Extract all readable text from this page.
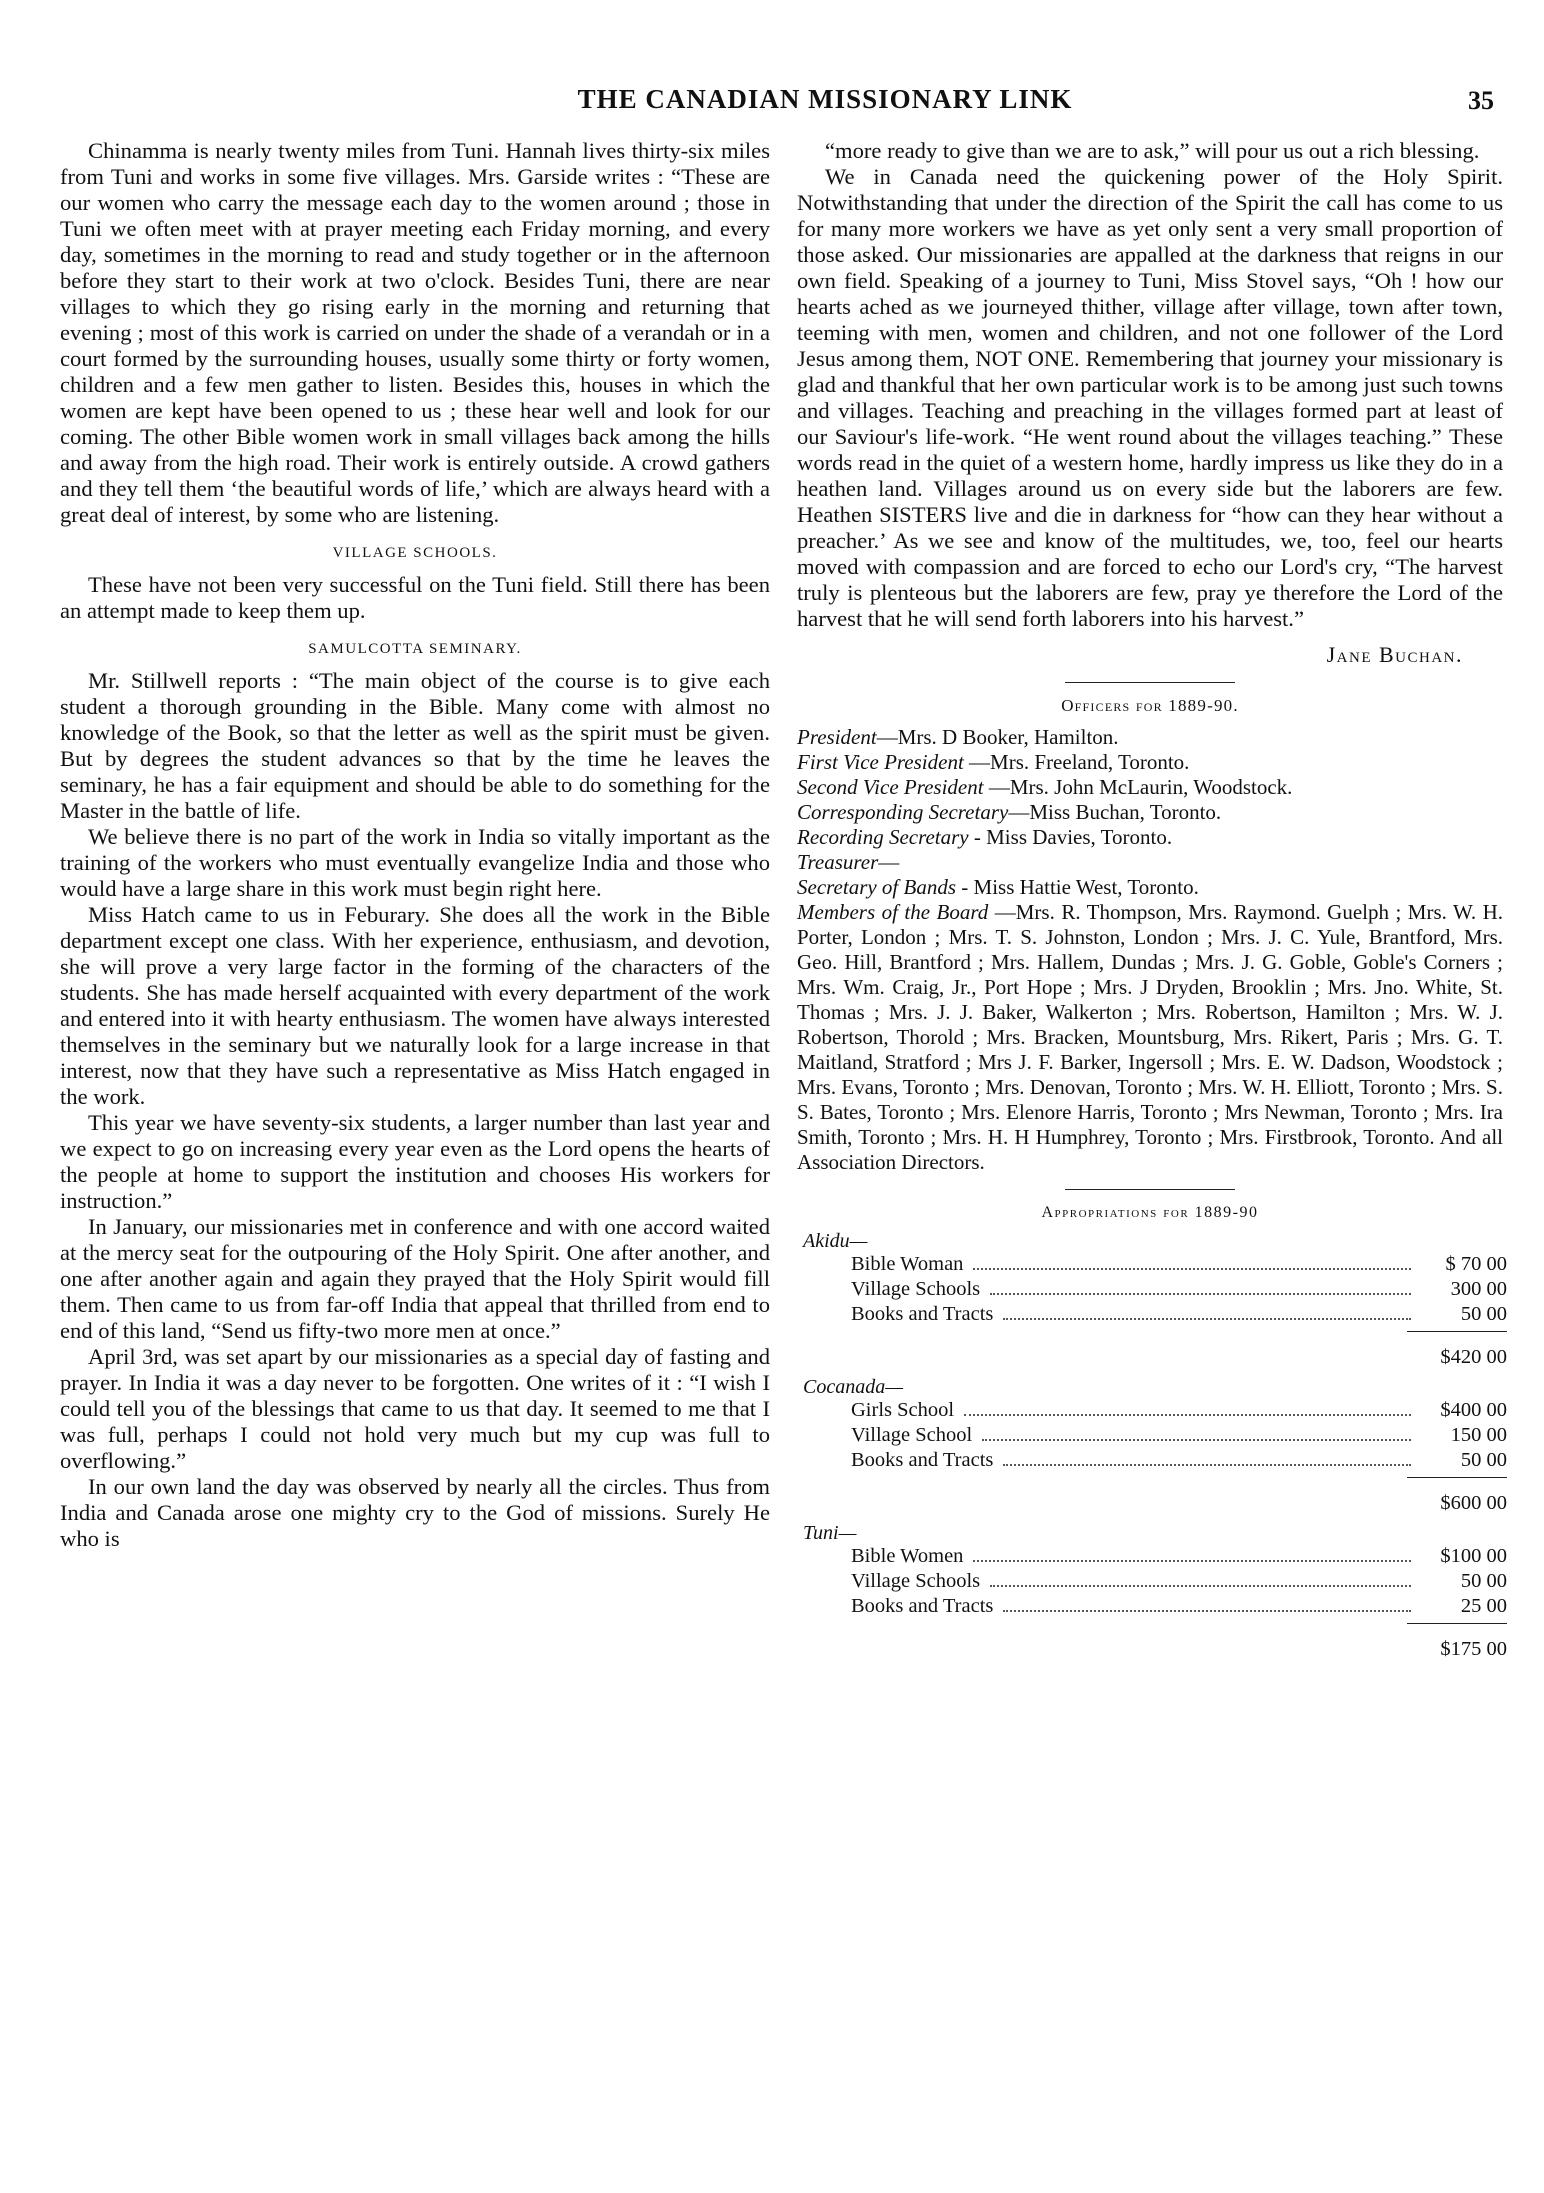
THE CANADIAN MISSIONARY LINK	35

Chinamma is nearly twenty miles from Tuni. Hannah lives thirty-six miles from Tuni and works in some five villages. Mrs. Garside writes : “These are our women who carry the message each day to the women around ; those in Tuni we often meet with at prayer meeting each Friday morning, and every day, sometimes in the morning to read and study together or in the afternoon before they start to their work at two o'clock. Besides Tuni, there are near villages to which they go rising early in the morning and returning that evening ; most of this work is carried on under the shade of a verandah or in a court formed by the surrounding houses, usually some thirty or forty women, children and a few men gather to listen. Besides this, houses in which the women are kept have been opened to us ; these hear well and look for our coming. The other Bible women work in small villages back among the hills and away from the high road. Their work is entirely outside. A crowd gathers and they tell them ‘the beautiful words of life,’ which are always heard with a great deal of interest, by some who are listening.

VILLAGE SCHOOLS.

These have not been very successful on the Tuni field. Still there has been an attempt made to keep them up.

SAMULCOTTA SEMINARY.

Mr. Stillwell reports : “The main object of the course is to give each student a thorough grounding in the Bible. Many come with almost no knowledge of the Book, so that the letter as well as the spirit must be given. But by degrees the student advances so that by the time he leaves the seminary, he has a fair equipment and should be able to do something for the Master in the battle of life.

We believe there is no part of the work in India so vitally important as the training of the workers who must eventually evangelize India and those who would have a large share in this work must begin right here.

Miss Hatch came to us in Feburary. She does all the work in the Bible department except one class. With her experience, enthusiasm, and devotion, she will prove a very large factor in the forming of the characters of the students. She has made herself acquainted with every department of the work and entered into it with hearty enthusiasm. The women have always interested themselves in the seminary but we naturally look for a large increase in that interest, now that they have such a representative as Miss Hatch engaged in the work.

This year we have seventy-six students, a larger number than last year and we expect to go on increasing every year even as the Lord opens the hearts of the people at home to support the institution and chooses His workers for instruction.”

In January, our missionaries met in conference and with one accord waited at the mercy seat for the outpouring of the Holy Spirit. One after another, and one after another again and again they prayed that the Holy Spirit would fill them. Then came to us from far-off India that appeal that thrilled from end to end of this land, “Send us fifty-two more men at once.”

April 3rd, was set apart by our missionaries as a special day of fasting and prayer. In India it was a day never to be forgotten. One writes of it : “I wish I could tell you of the blessings that came to us that day. It seemed to me that I was full, perhaps I could not hold very much but my cup was full to overflowing.”

In our own land the day was observed by nearly all the circles. Thus from India and Canada arose one mighty cry to the God of missions. Surely He who is

“more ready to give than we are to ask,” will pour us out a rich blessing.

We in Canada need the quickening power of the Holy Spirit. Notwithstanding that under the direction of the Spirit the call has come to us for many more workers we have as yet only sent a very small proportion of those asked. Our missionaries are appalled at the darkness that reigns in our own field. Speaking of a journey to Tuni, Miss Stovel says, “Oh ! how our hearts ached as we journeyed thither, village after village, town after town, teeming with men, women and children, and not one follower of the Lord Jesus among them, NOT ONE. Remembering that journey your missionary is glad and thankful that her own particular work is to be among just such towns and villages. Teaching and preaching in the villages formed part at least of our Saviour's life-work. “He went round about the villages teaching.” These words read in the quiet of a western home, hardly impress us like they do in a heathen land. Villages around us on every side but the laborers are few. Heathen SISTERS live and die in darkness for “how can they hear without a preacher.’ As we see and know of the multitudes, we, too, feel our hearts moved with compassion and are forced to echo our Lord's cry, “The harvest truly is plenteous but the laborers are few, pray ye therefore the Lord of the harvest that he will send forth laborers into his harvest.”

Jane Buchan.
Officers for 1889-90.
President—Mrs. D Booker, Hamilton.
First Vice President —Mrs. Freeland, Toronto.
Second Vice President —Mrs. John McLaurin, Woodstock.
Corresponding Secretary—Miss Buchan, Toronto.
Recording Secretary - Miss Davies, Toronto.
Treasurer—
Secretary of Bands - Miss Hattie West, Toronto.
Members of the Board —Mrs. R. Thompson, Mrs. Raymond. Guelph ; Mrs. W. H. Porter, London ; Mrs. T. S. Johnston, London ; Mrs. J. C. Yule, Brantford, Mrs. Geo. Hill, Brantford ; Mrs. Hallem, Dundas ; Mrs. J. G. Goble, Goble's Corners ; Mrs. Wm. Craig, Jr., Port Hope ; Mrs. J Dryden, Brooklin ; Mrs. Jno. White, St. Thomas ; Mrs. J. J. Baker, Walkerton ; Mrs. Robertson, Hamilton ; Mrs. W. J. Robertson, Thorold ; Mrs. Bracken, Mountsburg, Mrs. Rikert, Paris ; Mrs. G. T. Maitland, Stratford ; Mrs J. F. Barker, Ingersoll ; Mrs. E. W. Dadson, Woodstock ; Mrs. Evans, Toronto ; Mrs. Denovan, Toronto ; Mrs. W. H. Elliott, Toronto ; Mrs. S. S. Bates, Toronto ; Mrs. Elenore Harris, Toronto ; Mrs Newman, Toronto ; Mrs. Ira Smith, Toronto ; Mrs. H. H Humphrey, Toronto ; Mrs. Firstbrook, Toronto. And all Association Directors.
Appropriations for 1889-90
Akidu—
Bible Woman	$ 70 00
Village Schools	300 00
Books and Tracts	50 00
$420 00
Cocanada—
Girls School	$400 00
Village School	150 00
Books and Tracts	50 00
$600 00
Tuni—
Bible Women	$100 00
Village Schools	50 00
Books and Tracts	25 00
$175 00
